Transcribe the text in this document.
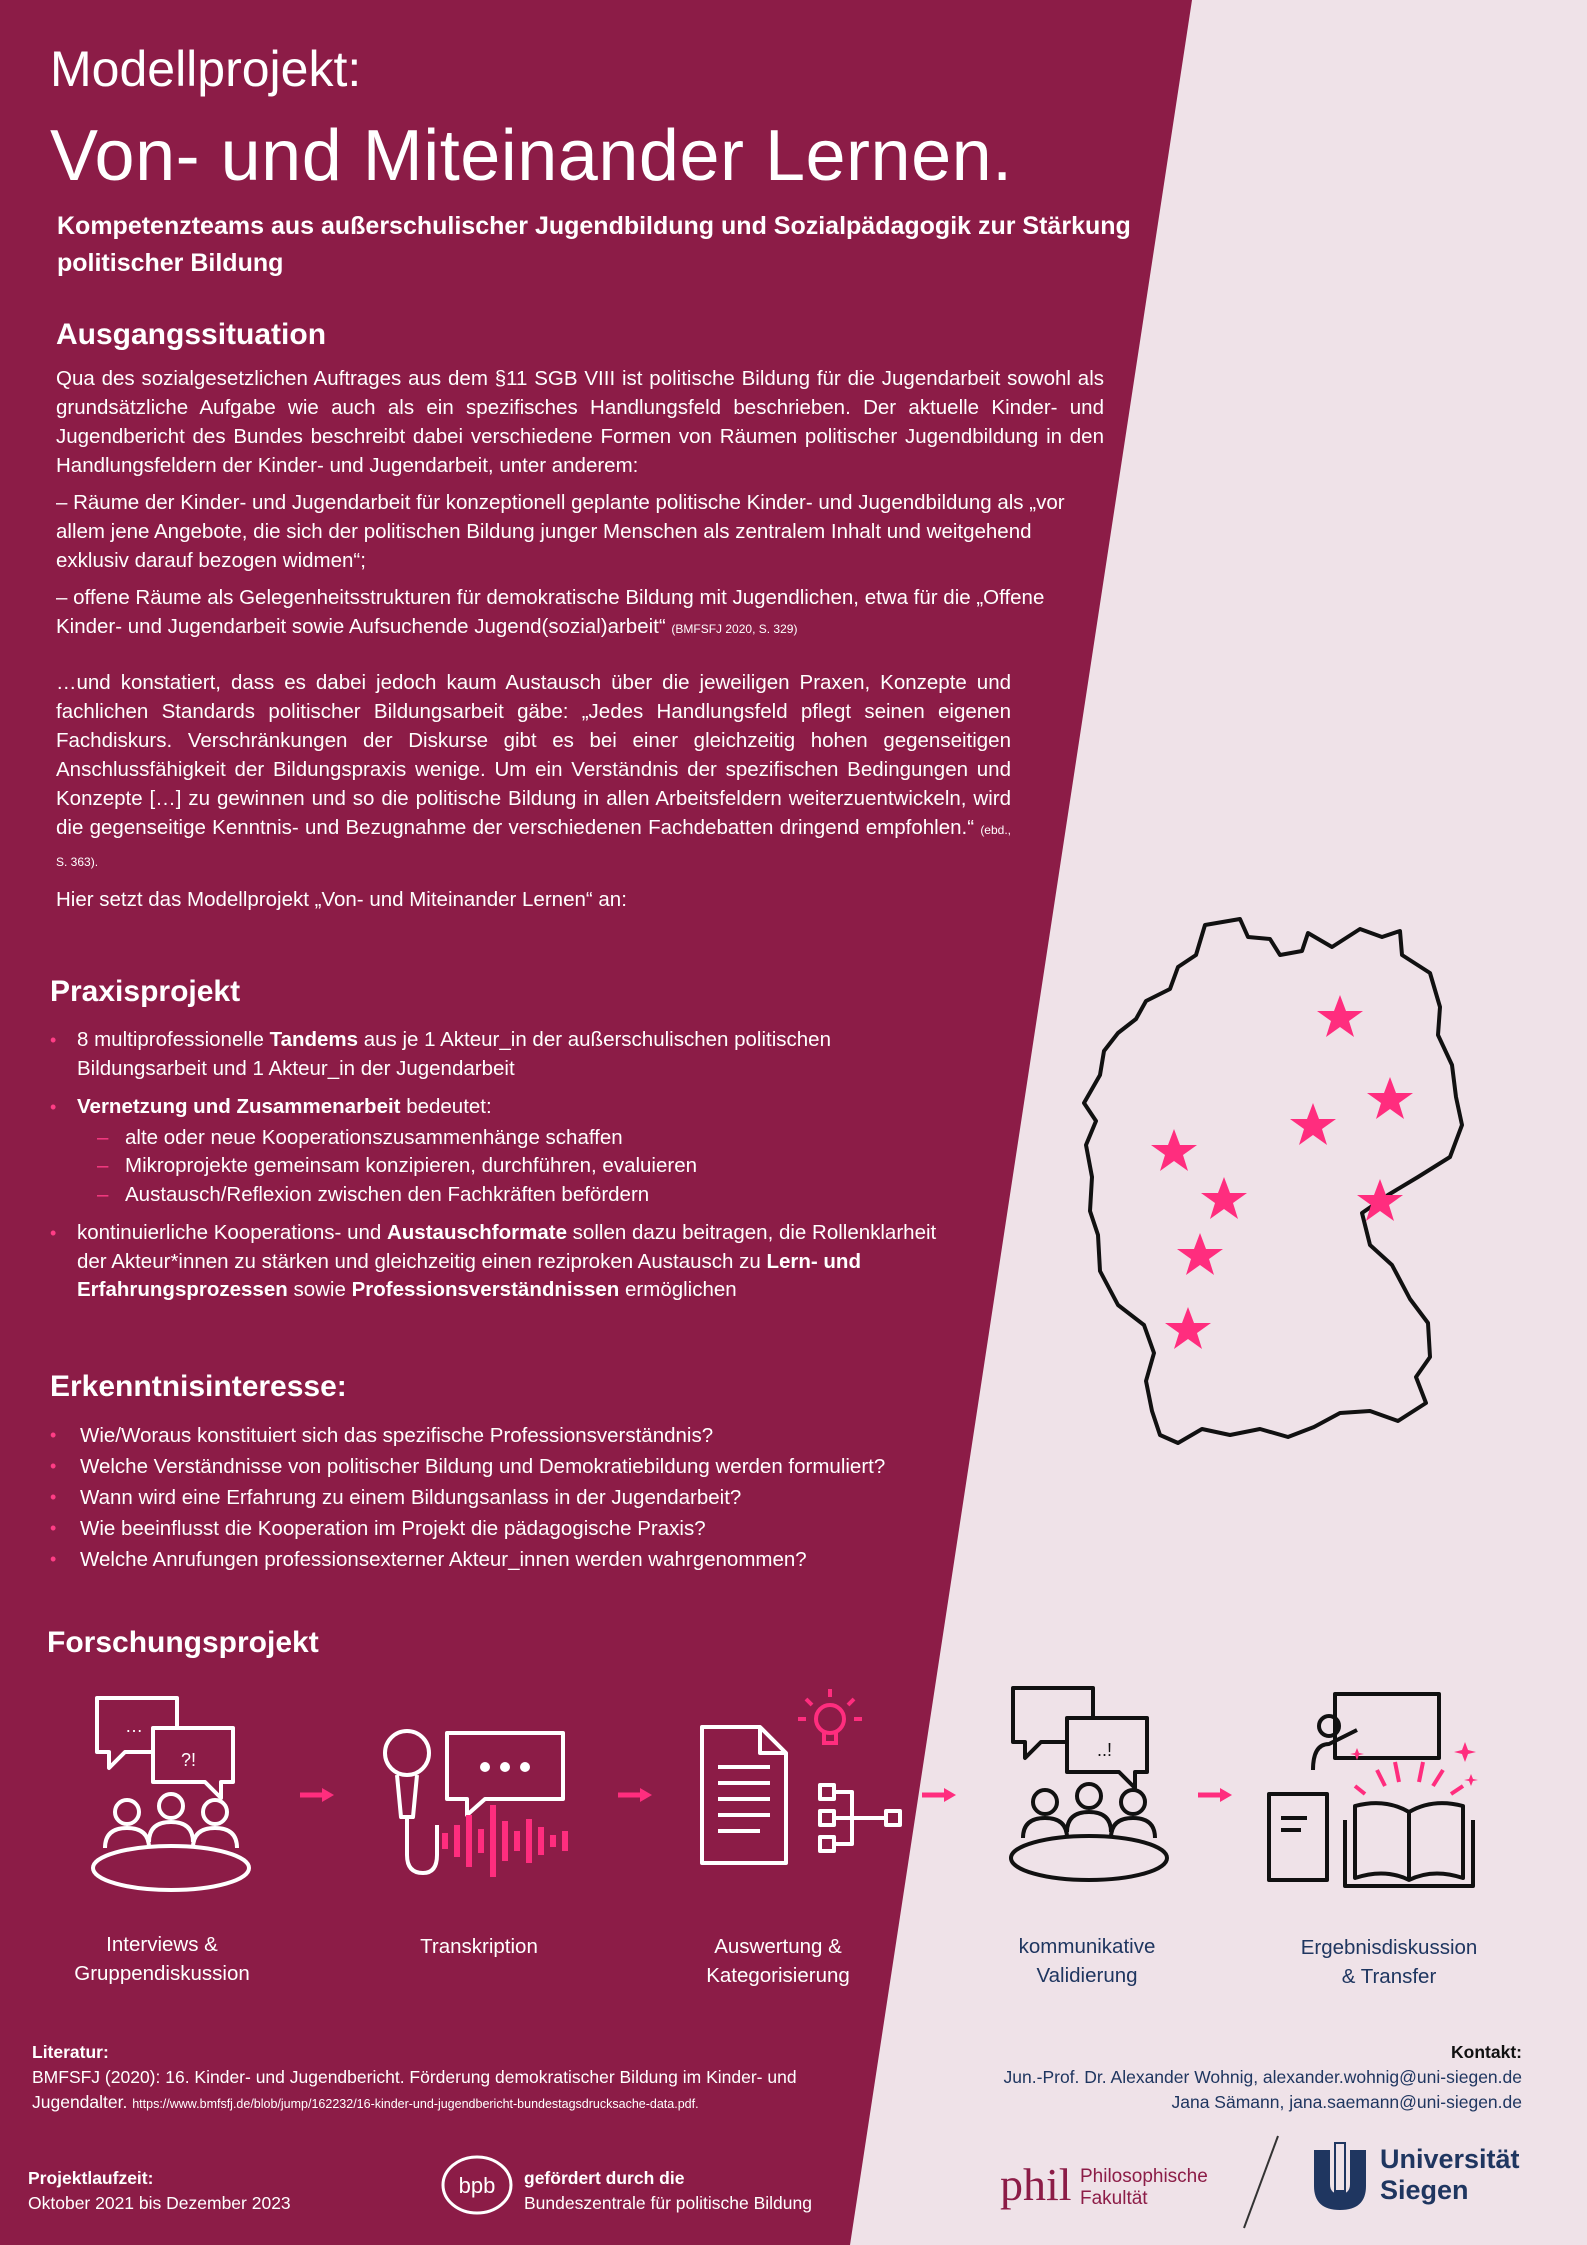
Modellprojekt:
Von- und Miteinander Lernen.
Kompetenzteams aus außerschulischer Jugendbildung und Sozialpädagogik zur Stärkung politischer Bildung
Ausgangssituation

Qua des sozialgesetzlichen Auftrages aus dem §11 SGB VIII ist politische Bildung für die Jugendarbeit sowohl als grundsätzliche Aufgabe wie auch als ein spezifisches Handlungsfeld beschrieben. Der aktuelle Kinder- und Jugendbericht des Bundes beschreibt dabei verschiedene Formen von Räumen politischer Jugendbildung in den Handlungsfeldern der Kinder- und Jugendarbeit, unter anderem:

– Räume der Kinder- und Jugendarbeit für konzeptionell geplante politische Kinder- und Jugendbildung als „vor allem jene Angebote, die sich der politischen Bildung junger Menschen als zentralem Inhalt und weitgehend exklusiv darauf bezogen widmen“;

– offene Räume als Gelegenheitsstrukturen für demokratische Bildung mit Jugendlichen, etwa für die „Offene Kinder- und Jugendarbeit sowie Aufsuchende Jugend(sozial)arbeit“ (BMFSFJ 2020, S. 329)

…und konstatiert, dass es dabei jedoch kaum Austausch über die jeweiligen Praxen, Konzepte und fachlichen Standards politischer Bildungsarbeit gäbe: „Jedes Handlungsfeld pflegt seinen eigenen Fachdiskurs. Verschränkungen der Diskurse gibt es bei einer gleichzeitig hohen gegenseitigen Anschlussfähigkeit der Bildungspraxis wenige. Um ein Verständnis der spezifischen Bedingungen und Konzepte […] zu gewinnen und so die politische Bildung in allen Arbeitsfeldern weiterzuentwickeln, wird die gegenseitige Kenntnis- und Bezugnahme der verschiedenen Fachdebatten dringend empfohlen.“ (ebd., S. 363).

Hier setzt das Modellprojekt „Von- und Miteinander Lernen“ an:

Praxisprojekt
• 8 multiprofessionelle Tandems aus je 1 Akteur_in der außerschulischen politischen Bildungsarbeit und 1 Akteur_in der Jugendarbeit
• Vernetzung und Zusammenarbeit bedeutet:
– alte oder neue Kooperationszusammenhänge schaffen
– Mikroprojekte gemeinsam konzipieren, durchführen, evaluieren
– Austausch/Reflexion zwischen den Fachkräften befördern
• kontinuierliche Kooperations- und Austauschformate sollen dazu beitragen, die Rollenklarheit der Akteur*innen zu stärken und gleichzeitig einen reziproken Austausch zu Lern- und Erfahrungsprozessen sowie Professionsverständnissen ermöglichen
Erkenntnisinteresse:
• Wie/Woraus konstituiert sich das spezifische Professionsverständnis?
• Welche Verständnisse von politischer Bildung und Demokratiebildung werden formuliert?
• Wann wird eine Erfahrung zu einem Bildungsanlass in der Jugendarbeit?
• Wie beeinflusst die Kooperation im Projekt die pädagogische Praxis?
• Welche Anrufungen professionsexterner Akteur_innen werden wahrgenommen?
Forschungsprojekt
…
?!	..!
Interviews &
Gruppendiskussion
Transkription	Auswertung &
Kategorisierung
kommunikative
Validierung
Ergebnisdiskussion
& Transfer
Literatur:
BMFSFJ (2020): 16. Kinder- und Jugendbericht. Förderung demokratischer Bildung im Kinder- und Jugendalter. https://www.bmfsfj.de/blob/jump/162232/16-kinder-und-jugendbericht-bundestagsdrucksache-data.pdf.
Kontakt:
Jun.-Prof. Dr. Alexander Wohnig, alexander.wohnig@uni-siegen.de
Jana Sämann, jana.saemann@uni-siegen.de
Projektlaufzeit:
Oktober 2021 bis Dezember 2023
bpb gefördert durch die
Bundeszentrale für politische Bildung	phil Philosophische
Fakultät
Universität
Siegen
